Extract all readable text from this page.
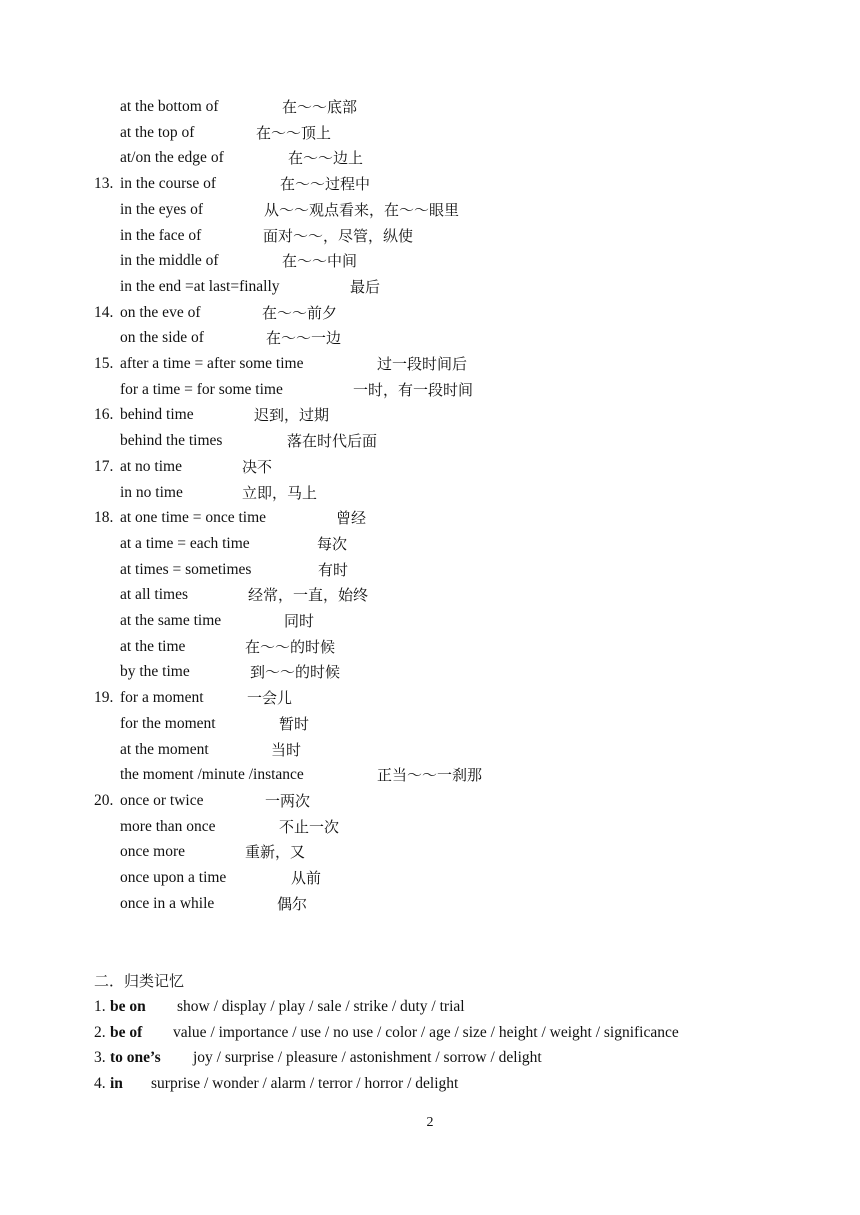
at the bottom of	在～～底部
at the top of	在～～顶上
at/on the edge of	在～～边上
13. in the course of	在～～过程中
in the eyes of	从～～观点看来，在～～眼里
in the face of	面对～～，尽管，纵使
in the middle of	在～～中间
in the end =at last=finally	最后
14. on the eve of	在～～前夕
on the side of	在～～一边
15. after a time = after some time	过一段时间后
for a time = for some time	一时，有一段时间
16. behind time	迟到，过期
behind the times	落在时代后面
17. at no time	决不
in no time	立即，马上
18. at one time = once time	曾经
at a time = each time	每次
at times = sometimes	有时
at all times	经常，一直，始终
at the same time	同时
at the time	在～～的时候
by the time	到～～的时候
19. for a moment	一会儿
for the moment	暂时
at the moment	当时
the moment /minute /instance	正当～～一刹那
20. once or twice	一两次
more than once	不止一次
once more	重新，又
once upon a time	从前
once in a while	偶尔
二．归类记忆
1. be on show / display / play / sale / strike / duty / trial
2. be of value / importance / use / no use / color / age / size / height / weight / significance
3. to one’s joy / surprise / pleasure / astonishment / sorrow / delight
4. in surprise / wonder / alarm / terror / horror / delight
2
